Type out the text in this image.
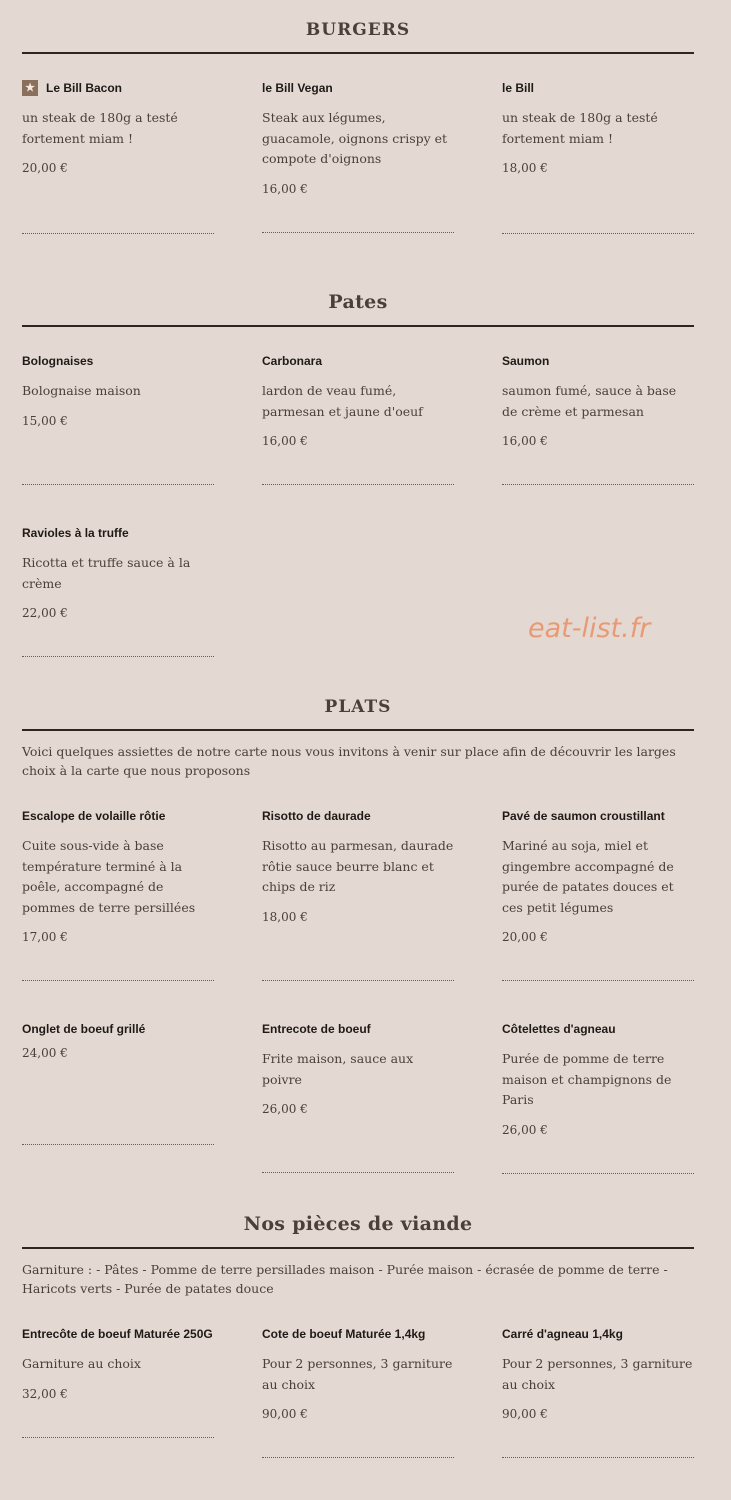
BURGERS
★ Le Bill Bacon

un steak de 180g a testé fortement miam !

20,00 €

le Bill Vegan

Steak aux légumes, guacamole, oignons crispy et compote d'oignons

16,00 €

le Bill

un steak de 180g a testé fortement miam !

18,00 €

Pates

Bolognaises

Bolognaise maison

15,00 €

Carbonara

lardon de veau fumé, parmesan et jaune d'oeuf

16,00 €

Saumon

saumon fumé, sauce à base de crème et parmesan

16,00 €

Ravioles à la truffe

Ricotta et truffe sauce à la crème

22,00 €	eat-list.fr
PLATS

Voici quelques assiettes de notre carte nous vous invitons à venir sur place afin de découvrir les larges choix à la carte que nous proposons

Escalope de volaille rôtie

Cuite sous-vide à base température terminé à la poêle, accompagné de pommes de terre persillées

17,00 €

Risotto de daurade

Risotto au parmesan, daurade rôtie sauce beurre blanc et chips de riz

18,00 €

Pavé de saumon croustillant

Mariné au soja, miel et gingembre accompagné de purée de patates douces et ces petit légumes

20,00 €

Onglet de boeuf grillé

24,00 €

Entrecote de boeuf

Frite maison, sauce aux poivre

26,00 €

Côtelettes d'agneau

Purée de pomme de terre maison et champignons de Paris

26,00 €

Nos pièces de viande

Garniture : - Pâtes - Pomme de terre persillades maison - Purée maison - écrasée de pomme de terre - Haricots verts - Purée de patates douce

Entrecôte de boeuf Maturée 250G

Garniture au choix

32,00 €

Cote de boeuf Maturée 1,4kg

Pour 2 personnes, 3 garniture au choix

90,00 €

Carré d'agneau 1,4kg

Pour 2 personnes, 3 garniture au choix

90,00 €
